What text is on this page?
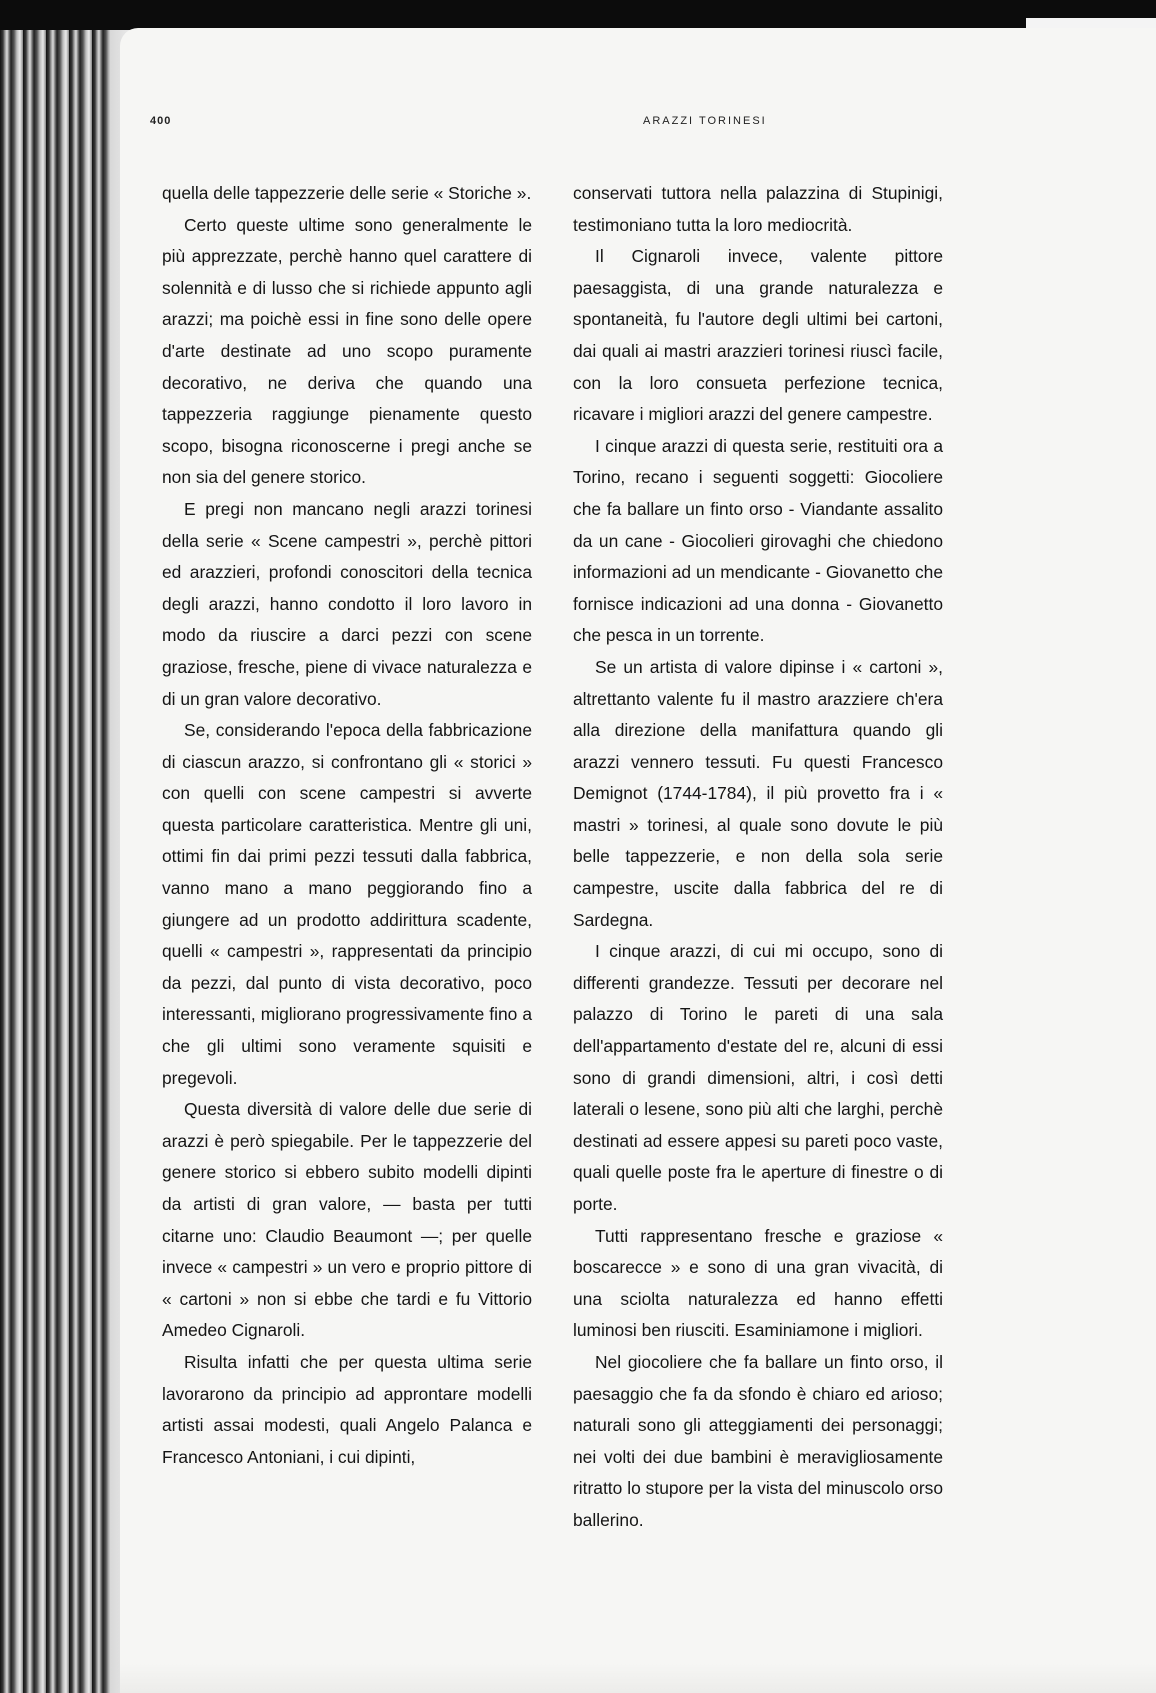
400	ARAZZI TORINESI

quella delle tappezzerie delle serie « Storiche ».

Certo queste ultime sono generalmente le più apprezzate, perchè hanno quel carattere di solennità e di lusso che si richiede appunto agli arazzi; ma poichè essi in fine sono delle opere d'arte destinate ad uno scopo puramente decorativo, ne deriva che quando una tappezzeria raggiunge pienamente questo scopo, bisogna riconoscerne i pregi anche se non sia del genere storico.

E pregi non mancano negli arazzi torinesi della serie « Scene campestri », perchè pittori ed arazzieri, profondi conoscitori della tecnica degli arazzi, hanno condotto il loro lavoro in modo da riuscire a darci pezzi con scene graziose, fresche, piene di vivace naturalezza e di un gran valore decorativo.

Se, considerando l'epoca della fabbricazione di ciascun arazzo, si confrontano gli « storici » con quelli con scene campestri si avverte questa particolare caratteristica. Mentre gli uni, ottimi fin dai primi pezzi tessuti dalla fabbrica, vanno mano a mano peggiorando fino a giungere ad un prodotto addirittura scadente, quelli « campestri », rappresentati da principio da pezzi, dal punto di vista decorativo, poco interessanti, migliorano progressivamente fino a che gli ultimi sono veramente squisiti e pregevoli.

Questa diversità di valore delle due serie di arazzi è però spiegabile. Per le tappezzerie del genere storico si ebbero subito modelli dipinti da artisti di gran valore, — basta per tutti citarne uno: Claudio Beaumont —; per quelle invece « campestri » un vero e proprio pittore di « cartoni » non si ebbe che tardi e fu Vittorio Amedeo Cignaroli.

Risulta infatti che per questa ultima serie lavorarono da principio ad approntare modelli artisti assai modesti, quali Angelo Palanca e Francesco Antoniani, i cui dipinti,

conservati tuttora nella palazzina di Stupinigi, testimoniano tutta la loro mediocrità.

Il Cignaroli invece, valente pittore paesaggista, di una grande naturalezza e spontaneità, fu l'autore degli ultimi bei cartoni, dai quali ai mastri arazzieri torinesi riuscì facile, con la loro consueta perfezione tecnica, ricavare i migliori arazzi del genere campestre.

I cinque arazzi di questa serie, restituiti ora a Torino, recano i seguenti soggetti: Giocoliere che fa ballare un finto orso - Viandante assalito da un cane - Giocolieri girovaghi che chiedono informazioni ad un mendicante - Giovanetto che fornisce indicazioni ad una donna - Giovanetto che pesca in un torrente.

Se un artista di valore dipinse i « cartoni », altrettanto valente fu il mastro arazziere ch'era alla direzione della manifattura quando gli arazzi vennero tessuti. Fu questi Francesco Demignot (1744-1784), il più provetto fra i « mastri » torinesi, al quale sono dovute le più belle tappezzerie, e non della sola serie campestre, uscite dalla fabbrica del re di Sardegna.

I cinque arazzi, di cui mi occupo, sono di differenti grandezze. Tessuti per decorare nel palazzo di Torino le pareti di una sala dell'appartamento d'estate del re, alcuni di essi sono di grandi dimensioni, altri, i così detti laterali o lesene, sono più alti che larghi, perchè destinati ad essere appesi su pareti poco vaste, quali quelle poste fra le aperture di finestre o di porte.

Tutti rappresentano fresche e graziose « boscarecce » e sono di una gran vivacità, di una sciolta naturalezza ed hanno effetti luminosi ben riusciti. Esaminiamone i migliori.

Nel giocoliere che fa ballare un finto orso, il paesaggio che fa da sfondo è chiaro ed arioso; naturali sono gli atteggiamenti dei personaggi; nei volti dei due bambini è meravigliosamente ritratto lo stupore per la vista del minuscolo orso ballerino.
